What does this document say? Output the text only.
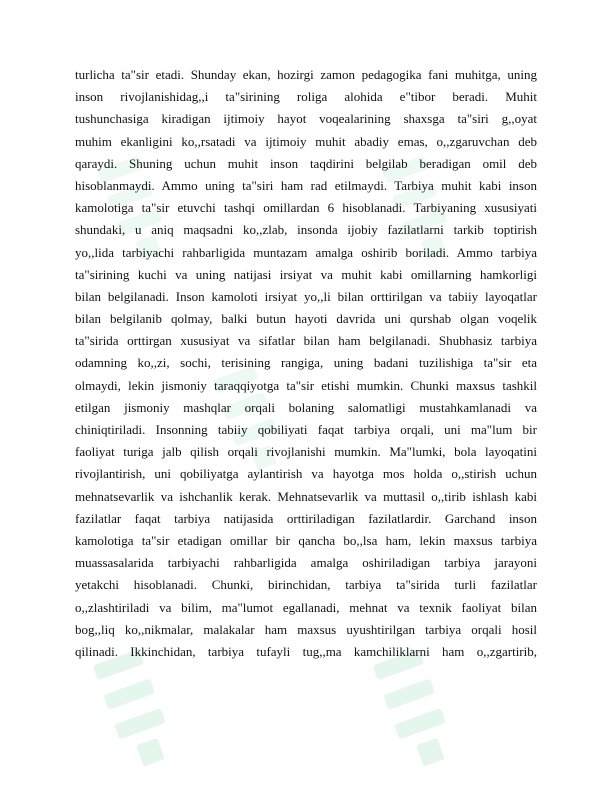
turlicha ta"sir etadi. Shunday ekan, hozirgi zamon pedagogika fani muhitga, uning
inson rivojlanishidag,,i ta"sirining roliga alohida e"tibor beradi. Muhit
tushunchasiga kiradigan ijtimoiy hayot voqealarining shaxsga ta"siri g,,oyat
muhim ekanligini ko,,rsatadi va ijtimoiy muhit abadiy emas, o,,zgaruvchan deb
qaraydi. Shuning uchun muhit inson taqdirini belgilab beradigan omil deb
hisoblanmaydi. Ammo uning ta"siri ham rad etilmaydi. Tarbiya muhit kabi inson
kamolotiga ta"sir etuvchi tashqi omillardan 6 hisoblanadi. Tarbiyaning xususiyati
shundaki, u aniq maqsadni ko,,zlab, insonda ijobiy fazilatlarni tarkib toptirish
yo,,lida tarbiyachi rahbarligida muntazam amalga oshirib boriladi. Ammo tarbiya
ta"sirining kuchi va uning natijasi irsiyat va muhit kabi omillarning hamkorligi
bilan belgilanadi. Inson kamoloti irsiyat yo,,li bilan orttirilgan va tabiiy layoqatlar
bilan belgilanib qolmay, balki butun hayoti davrida uni qurshab olgan voqelik
ta"sirida orttirgan xususiyat va sifatlar bilan ham belgilanadi. Shubhasiz tarbiya
odamning ko,,zi, sochi, terisining rangiga, uning badani tuzilishiga ta"sir eta
olmaydi, lekin jismoniy taraqqiyotga ta"sir etishi mumkin. Chunki maxsus tashkil
etilgan jismoniy mashqlar orqali bolaning salomatligi mustahkamlanadi va
chiniqtiriladi. Insonning tabiiy qobiliyati faqat tarbiya orqali, uni ma"lum bir
faoliyat turiga jalb qilish orqali rivojlanishi mumkin. Ma"lumki, bola layoqatini
rivojlantirish, uni qobiliyatga aylantirish va hayotga mos holda o,,stirish uchun
mehnatsevarlik va ishchanlik kerak. Mehnatsevarlik va muttasil o,,tirib ishlash kabi
fazilatlar faqat tarbiya natijasida orttiriladigan fazilatlardir. Garchand inson
kamolotiga ta"sir etadigan omillar bir qancha bo,,lsa ham, lekin maxsus tarbiya
muassasalarida tarbiyachi rahbarligida amalga oshiriladigan tarbiya jarayoni
yetakchi hisoblanadi. Chunki, birinchidan, tarbiya ta"sirida turli fazilatlar
o,,zlashtiriladi va bilim, ma"lumot egallanadi, mehnat va texnik faoliyat bilan
bog,,liq ko,,nikmalar, malakalar ham maxsus uyushtirilgan tarbiya orqali hosil
qilinadi. Ikkinchidan, tarbiya tufayli tug,,ma kamchiliklarni ham o,,zgartirib,
